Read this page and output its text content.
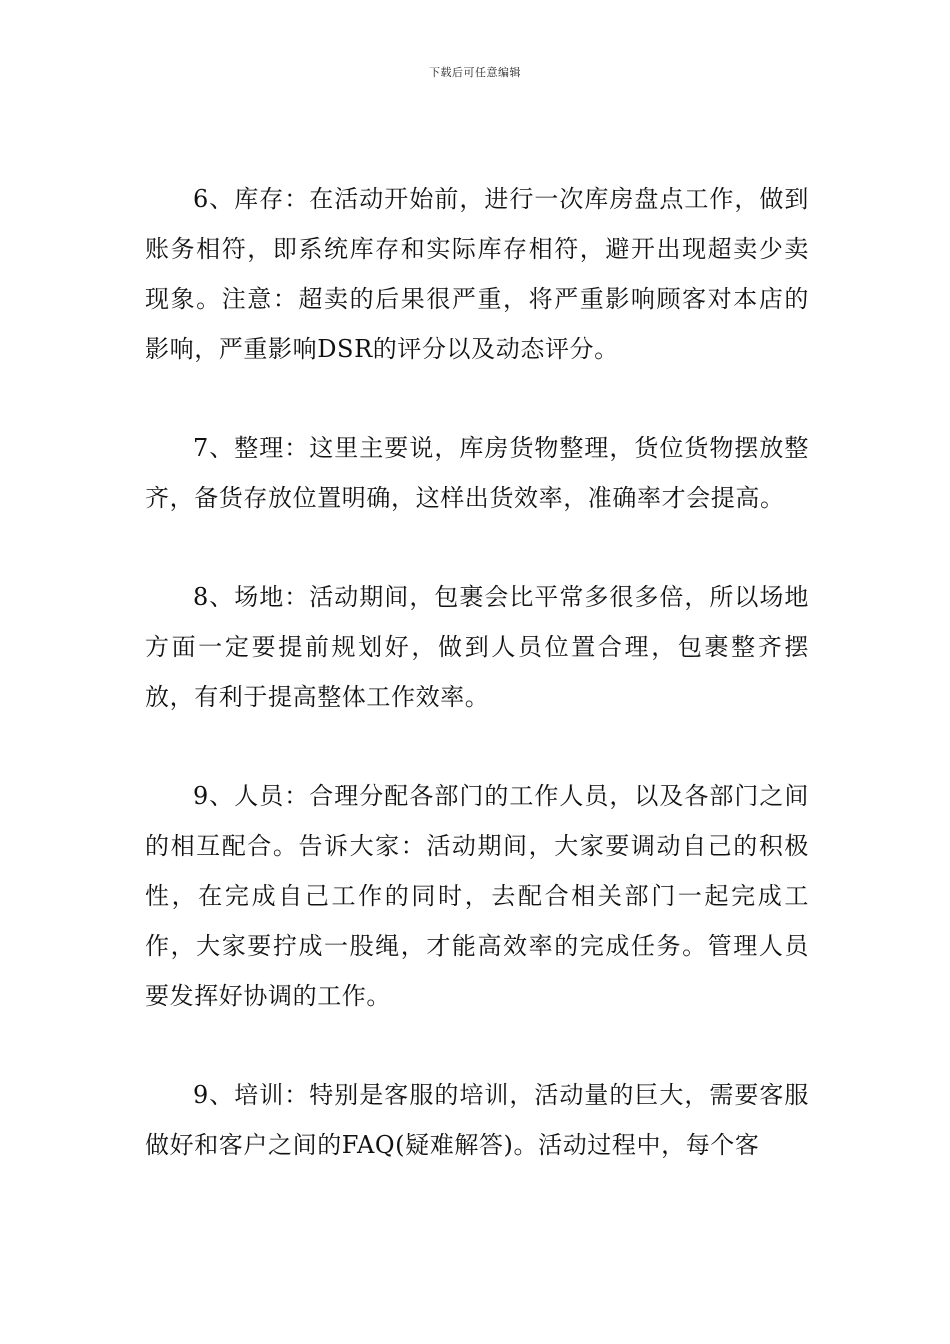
下载后可任意编辑

6、库存：在活动开始前，进行一次库房盘点工作，做到账务相符，即系统库存和实际库存相符，避开出现超卖少卖现象。注意：超卖的后果很严重，将严重影响顾客对本店的影响，严重影响DSR的评分以及动态评分。

7、整理：这里主要说，库房货物整理，货位货物摆放整齐，备货存放位置明确，这样出货效率，准确率才会提高。

8、场地：活动期间，包裹会比平常多很多倍，所以场地方面一定要提前规划好，做到人员位置合理，包裹整齐摆放，有利于提高整体工作效率。

9、人员：合理分配各部门的工作人员，以及各部门之间的相互配合。告诉大家：活动期间，大家要调动自己的积极性，在完成自己工作的同时，去配合相关部门一起完成工作，大家要拧成一股绳，才能高效率的完成任务。管理人员要发挥好协调的工作。

9、培训：特别是客服的培训，活动量的巨大，需要客服做好和客户之间的FAQ(疑难解答)。活动过程中，每个客
